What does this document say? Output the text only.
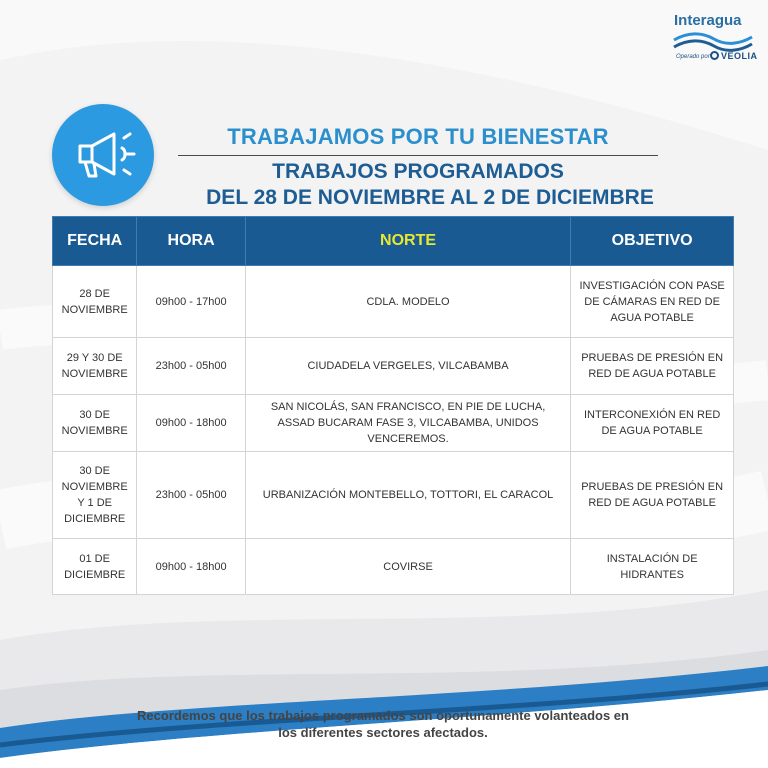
Interagua
Operado por	VEOLIA
TRABAJAMOS POR TU BIENESTAR
TRABAJOS PROGRAMADOS
DEL 28 DE NOVIEMBRE AL 2 DE DICIEMBRE
FECHA	HORA	NORTE	OBJETIVO
28 DE NOVIEMBRE	09h00 - 17h00	CDLA. MODELO	INVESTIGACIÓN CON PASE DE CÁMARAS EN RED DE AGUA POTABLE
29 Y 30 DE NOVIEMBRE	23h00 - 05h00	CIUDADELA VERGELES, VILCABAMBA	PRUEBAS DE PRESIÓN EN RED DE AGUA POTABLE
30 DE NOVIEMBRE	09h00 - 18h00	SAN NICOLÁS, SAN FRANCISCO, EN PIE DE LUCHA, ASSAD BUCARAM FASE 3, VILCABAMBA, UNIDOS VENCEREMOS.	INTERCONEXIÓN EN RED DE AGUA POTABLE
30 DE NOVIEMBRE Y 1 DE DICIEMBRE	23h00 - 05h00	URBANIZACIÓN MONTEBELLO, TOTTORI, EL CARACOL	PRUEBAS DE PRESIÓN EN RED DE AGUA POTABLE
01 DE DICIEMBRE	09h00 - 18h00	COVIRSE	INSTALACIÓN DE HIDRANTES
Recordemos que los trabajos programados son oportunamente volanteados en los diferentes sectores afectados.
